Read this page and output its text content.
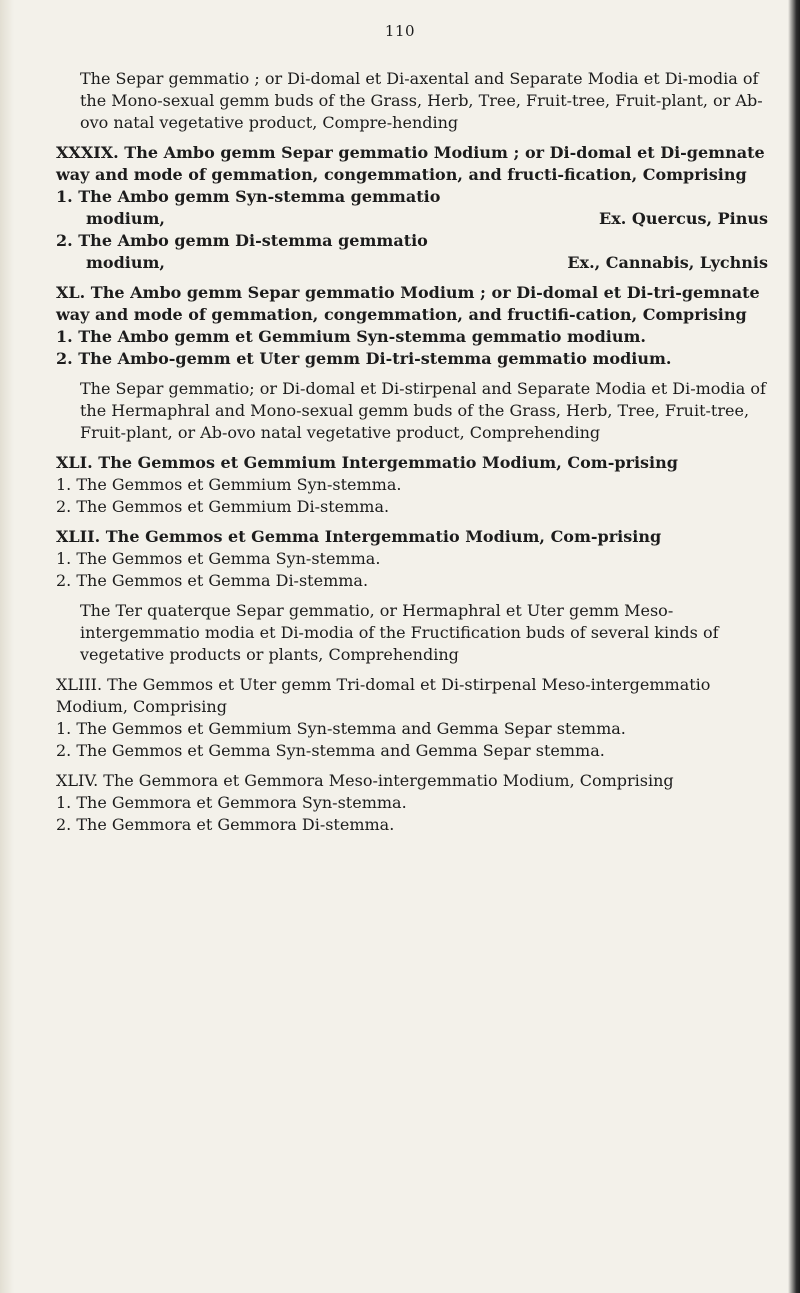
110

The Separ gemmatio ; or Di-domal et Di-axental and Separate Modia et Di-modia of the Mono-sexual gemm buds of the Grass, Herb, Tree, Fruit-tree, Fruit-plant, or Ab-ovo natal vegetative product, Compre-hending

XXXIX. The Ambo gemm Separ gemmatio Modium ; or Di-domal et Di-gemnate way and mode of gemmation, congemmation, and fructi-fication, Comprising

1. The Ambo gemm Syn-stemma gemmatio
modium,	Ex. Quercus, Pinus
2. The Ambo gemm Di-stemma gemmatio
modium,	Ex., Cannabis, Lychnis

XL. The Ambo gemm Separ gemmatio Modium ; or Di-domal et Di-tri-gemnate way and mode of gemmation, congemmation, and fructifi-cation, Comprising

1. The Ambo gemm et Gemmium Syn-stemma gemmatio modium.

2. The Ambo-gemm et Uter gemm Di-tri-stemma gemmatio modium.

The Separ gemmatio; or Di-domal et Di-stirpenal and Separate Modia et Di-modia of the Hermaphral and Mono-sexual gemm buds of the Grass, Herb, Tree, Fruit-tree, Fruit-plant, or Ab-ovo natal vegetative product, Comprehending

XLI. The Gemmos et Gemmium Intergemmatio Modium, Com-prising

1. The Gemmos et Gemmium Syn-stemma.

2. The Gemmos et Gemmium Di-stemma.

XLII. The Gemmos et Gemma Intergemmatio Modium, Com-prising

1. The Gemmos et Gemma Syn-stemma.

2. The Gemmos et Gemma Di-stemma.

The Ter quaterque Separ gemmatio, or Hermaphral et Uter gemm Meso-intergemmatio modia et Di-modia of the Fructification buds of several kinds of vegetative products or plants, Comprehending

XLIII. The Gemmos et Uter gemm Tri-domal et Di-stirpenal Meso-intergemmatio Modium, Comprising

1. The Gemmos et Gemmium Syn-stemma and Gemma Separ stemma.

2. The Gemmos et Gemma Syn-stemma and Gemma Separ stemma.

XLIV. The Gemmora et Gemmora Meso-intergemmatio Modium, Comprising

1. The Gemmora et Gemmora Syn-stemma.

2. The Gemmora et Gemmora Di-stemma.
